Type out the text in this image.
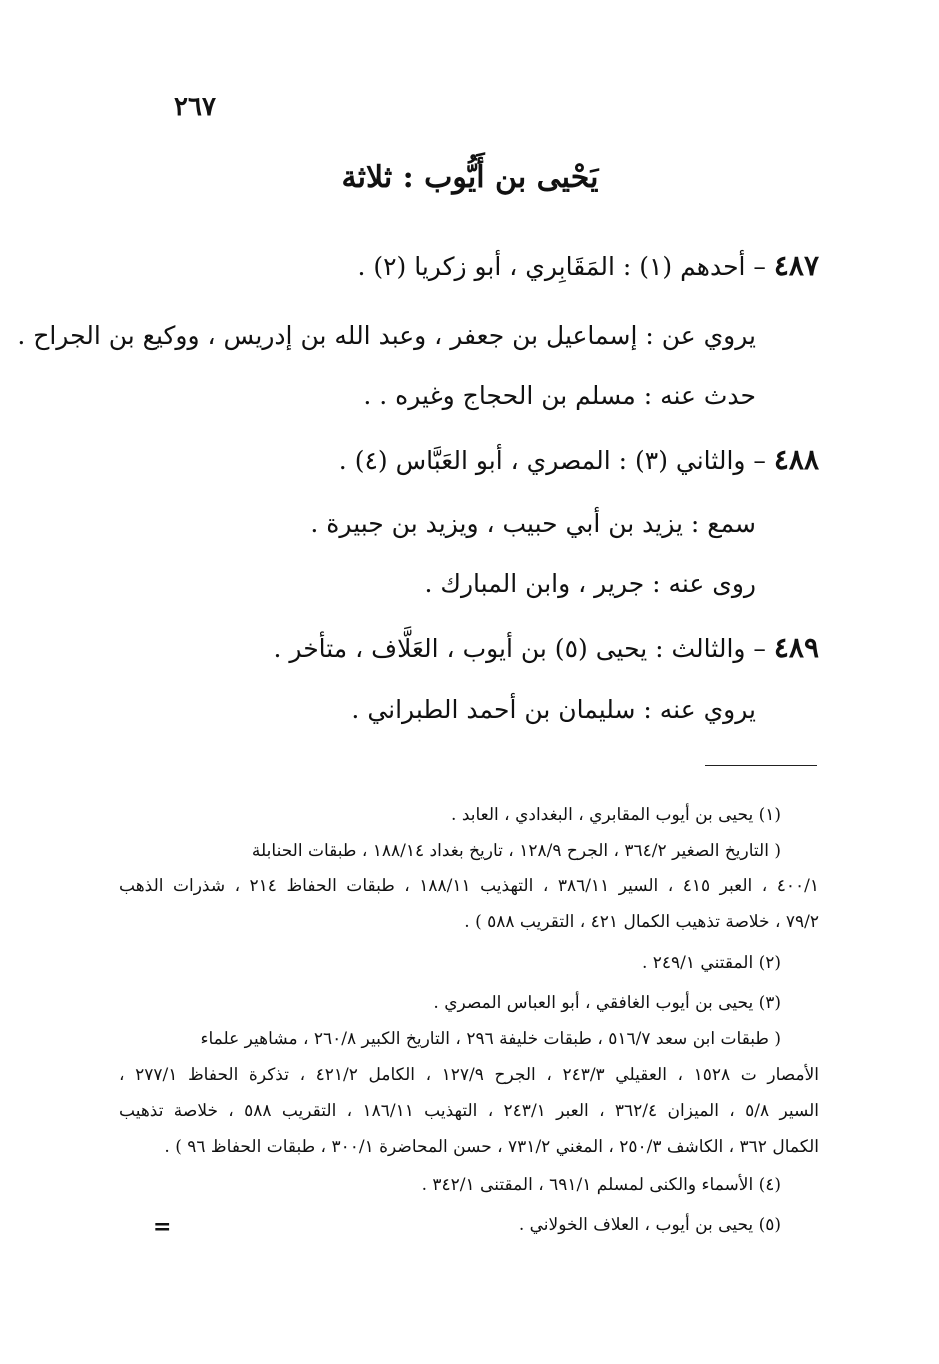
٢٦٧
يَحْيى بن أَيُّوب : ثلاثة
٤٨٧ – أحدهم (١) : المَقَابِري ، أبو زكريا (٢) .
يروي عن : إسماعيل بن جعفر ، وعبد الله بن إدريس ، ووكيع بن الجراح .
حدث عنه : مسلم بن الحجاج وغيره . .
٤٨٨ – والثاني (٣) : المصري ، أبو العَبَّاس (٤) .
سمع : يزيد بن أبي حبيب ، ويزيد بن جبيرة .
روى عنه : جرير ، وابن المبارك .
٤٨٩ – والثالث : يحيى (٥) بن أيوب ، العَلَّاف ، متأخر .
يروي عنه : سليمان بن أحمد الطبراني .
(١) يحيى بن أيوب المقابري ، البغدادي ، العابد .
( التاريخ الصغير ٣٦٤/٢ ، الجرح ١٢٨/٩ ، تاريخ بغداد ١٨٨/١٤ ، طبقات الحنابلة
٤٠٠/١ ، العبر ٤١٥ ، السير ٣٨٦/١١ ، التهذيب ١٨٨/١١ ، طبقات الحفاظ ٢١٤ ، شذرات الذهب
٧٩/٢ ، خلاصة تذهيب الكمال ٤٢١ ، التقريب ٥٨٨ ) .
(٢) المقتني ٢٤٩/١ .
(٣) يحيى بن أيوب الغافقي ، أبو العباس المصري .
( طبقات ابن سعد ٥١٦/٧ ، طبقات خليفة ٢٩٦ ، التاريخ الكبير ٢٦٠/٨ ، مشاهير علماء
الأمصار ت ١٥٢٨ ، العقيلي ٢٤٣/٣ ، الجرح ١٢٧/٩ ، الكامل ٤٢١/٢ ، تذكرة الحفاظ ٢٧٧/١ ،
السير ٥/٨ ، الميزان ٣٦٢/٤ ، العبر ٢٤٣/١ ، التهذيب ١٨٦/١١ ، التقريب ٥٨٨ ، خلاصة تذهيب
الكمال ٣٦٢ ، الكاشف ٢٥٠/٣ ، المغني ٧٣١/٢ ، حسن المحاضرة ٣٠٠/١ ، طبقات الحفاظ ٩٦ ) .
(٤) الأسماء والكنى لمسلم ٦٩١/١ ، المقتنى ٣٤٢/١ .
(٥) يحيى بن أيوب ، العلاف الخولاني .
=
